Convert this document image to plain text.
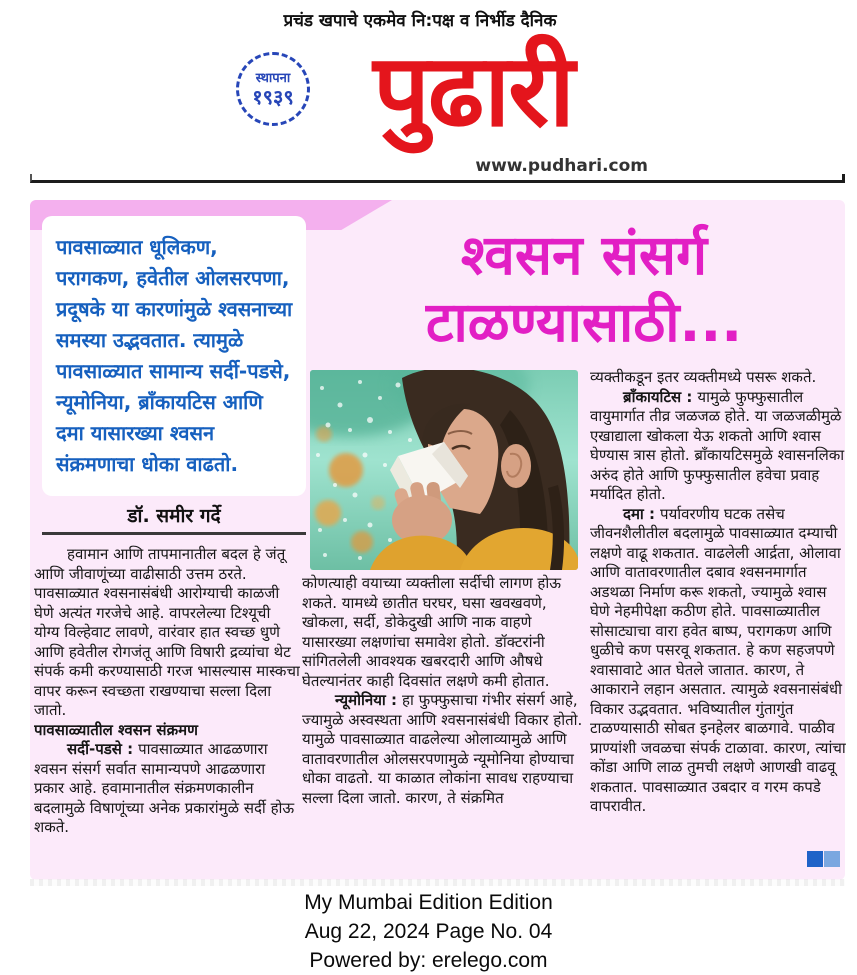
प्रचंड खपाचे एकमेव नि:पक्ष व निर्भीड दैनिक
स्थापना
१९३९ पुढारी
www.pudhari.com
पावसाळ्यात धूलिकण, परागकण, हवेतील ओलसरपणा, प्रदूषके या कारणांमुळे श्वसनाच्या समस्या उद्भवतात. त्यामुळे पावसाळ्यात सामान्य सर्दी-पडसे, न्यूमोनिया, ब्राँकायटिस आणि दमा यासारख्या श्वसन संक्रमणाचा धोका वाढतो.
श्वसन संसर्ग
टाळण्यासाठी...
डॉ. समीर गर्दे

हवामान आणि तापमानातील बदल हे जंतू आणि जीवाणूंच्या वाढीसाठी उत्तम ठरते. पावसाळ्यात श्वसनासंबंधी आरोग्याची काळजी घेणे अत्यंत गरजेचे आहे. वापरलेल्या टिश्यूची योग्य विल्हेवाट लावणे, वारंवार हात स्वच्छ धुणे आणि हवेतील रोगजंतू आणि विषारी द्रव्यांचा थेट संपर्क कमी करण्यासाठी गरज भासल्यास मास्कचा वापर करून स्वच्छता राखण्याचा सल्ला दिला जातो.

पावसाळ्यातील श्वसन संक्रमण

सर्दी-पडसे : पावसाळ्यात आढळणारा श्वसन संसर्ग सर्वात सामान्यपणे आढळणारा प्रकार आहे. हवामानातील संक्रमणकालीन बदलामुळे विषाणूंच्या अनेक प्रकारांमुळे सर्दी होऊ शकते.

कोणत्याही वयाच्या व्यक्तीला सर्दीची लागण होऊ शकते. यामध्ये छातीत घरघर, घसा खवखवणे, खोकला, सर्दी, डोकेदुखी आणि नाक वाहणे यासारख्या लक्षणांचा समावेश होतो. डॉक्टरांनी सांगितलेली आवश्यक खबरदारी आणि औषधे घेतल्यानंतर काही दिवसांत लक्षणे कमी होतात.

न्यूमोनिया : हा फुफ्फुसाचा गंभीर संसर्ग आहे, ज्यामुळे अस्वस्थता आणि श्वसनासंबंधी विकार होतो. यामुळे पावसाळ्यात वाढलेल्या ओलाव्यामुळे आणि वातावरणातील ओलसरपणामुळे न्यूमोनिया होण्याचा धोका वाढतो. या काळात लोकांना सावध राहण्याचा सल्ला दिला जातो. कारण, ते संक्रमित

व्यक्तीकडून इतर व्यक्तीमध्ये पसरू शकते.

ब्राँकायटिस : यामुळे फुफ्फुसातील वायुमार्गात तीव्र जळजळ होते. या जळजळीमुळे एखाद्याला खोकला येऊ शकतो आणि श्वास घेण्यास त्रास होतो. ब्राँकायटिसमुळे श्वासनलिका अरुंद होते आणि फुफ्फुसातील हवेचा प्रवाह मर्यादित होतो.

दमा : पर्यावरणीय घटक तसेच जीवनशैलीतील बदलामुळे पावसाळ्यात दम्याची लक्षणे वाढू शकतात. वाढलेली आर्द्रता, ओलावा आणि वातावरणातील दबाव श्वसनमार्गात अडथळा निर्माण करू शकतो, ज्यामुळे श्वास घेणे नेहमीपेक्षा कठीण होते. पावसाळ्यातील सोसाट्याचा वारा हवेत बाष्प, परागकण आणि धुळीचे कण पसरवू शकतात. हे कण सहजपणे श्वासावाटे आत घेतले जातात. कारण, ते आकाराने लहान असतात. त्यामुळे श्वसनासंबंधी विकार उद्भवतात. भविष्यातील गुंतागुंत टाळण्यासाठी सोबत इनहेलर बाळगावे. पाळीव प्राण्यांशी जवळचा संपर्क टाळावा. कारण, त्यांचा कोंडा आणि लाळ तुमची लक्षणे आणखी वाढवू शकतात. पावसाळ्यात उबदार व गरम कपडे वापरावीत.

My Mumbai Edition Edition
Aug 22, 2024 Page No. 04
Powered by: erelego.com
